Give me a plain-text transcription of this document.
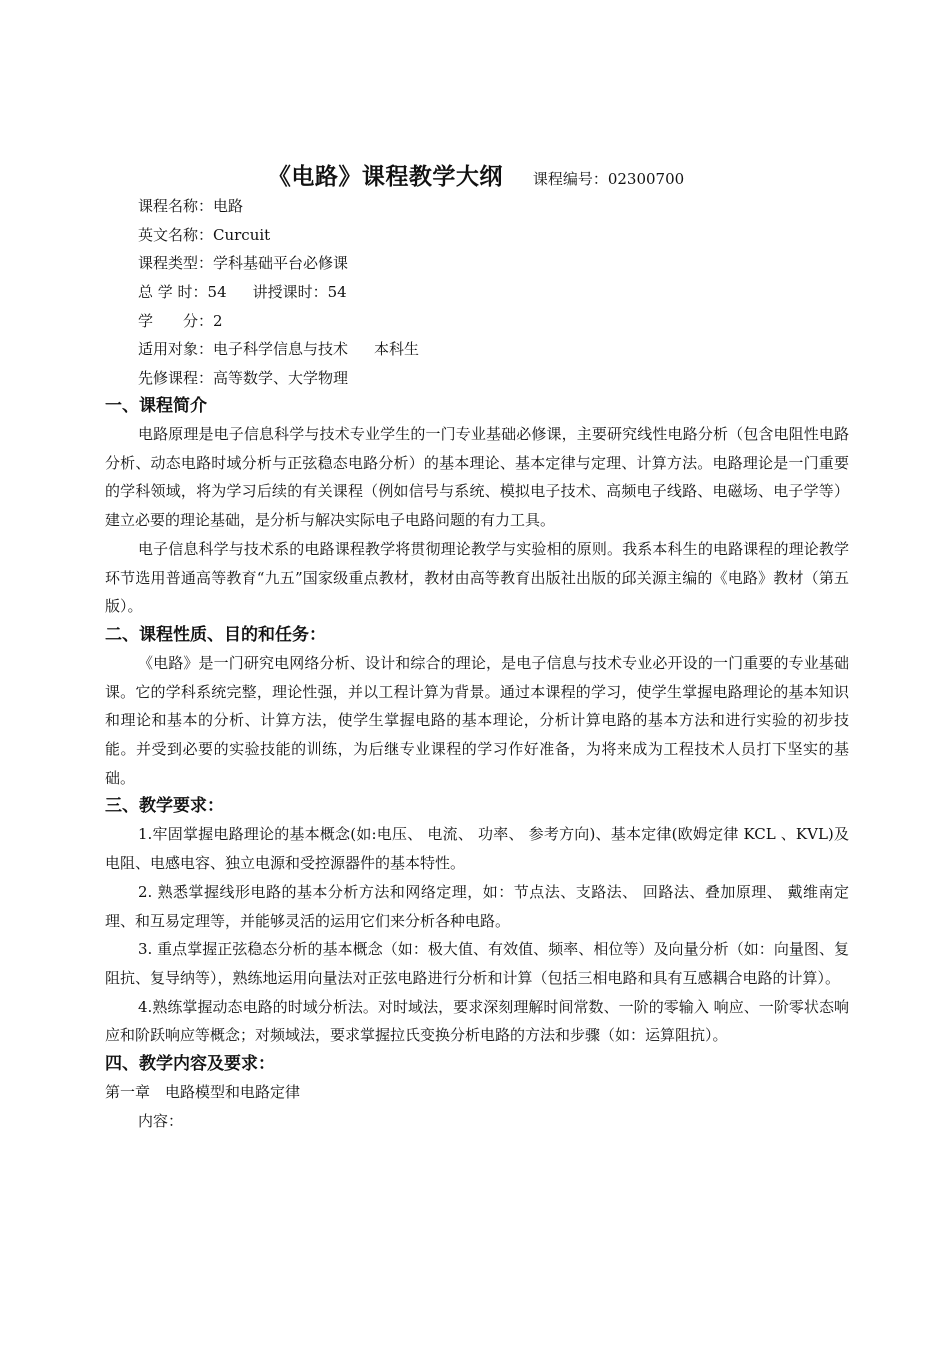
《电路》课程教学大纲 课程编号：02300700
课程名称：电路
英文名称：Curcuit
课程类型：学科基础平台必修课
总 学 时：54 讲授课时：54
学　　分：2
适用对象：电子科学信息与技术 本科生
先修课程：高等数学、大学物理
一、课程简介

电路原理是电子信息科学与技术专业学生的一门专业基础必修课，主要研究线性电路分析（包含电阻性电路分析、动态电路时域分析与正弦稳态电路分析）的基本理论、基本定律与定理、计算方法。电路理论是一门重要的学科领域，将为学习后续的有关课程（例如信号与系统、模拟电子技术、高频电子线路、电磁场、电子学等）建立必要的理论基础，是分析与解决实际电子电路问题的有力工具。

电子信息科学与技术系的电路课程教学将贯彻理论教学与实验相的原则。我系本科生的电路课程的理论教学环节选用普通高等教育“九五”国家级重点教材，教材由高等教育出版社出版的邱关源主编的《电路》教材（第五版）。

二、课程性质、目的和任务：

《电路》是一门研究电网络分析、设计和综合的理论，是电子信息与技术专业必开设的一门重要的专业基础课。它的学科系统完整，理论性强，并以工程计算为背景。通过本课程的学习，使学生掌握电路理论的基本知识和理论和基本的分析、计算方法，使学生掌握电路的基本理论，分析计算电路的基本方法和进行实验的初步技能。并受到必要的实验技能的训练，为后继专业课程的学习作好准备，为将来成为工程技术人员打下坚实的基础。

三、教学要求：

1.牢固掌握电路理论的基本概念(如:电压、 电流、 功率、 参考方向)、基本定律(欧姆定律 KCL 、KVL)及电阻、电感电容、独立电源和受控源器件的基本特性。

2. 熟悉掌握线形电路的基本分析方法和网络定理，如：节点法、支路法、 回路法、叠加原理、 戴维南定理、和互易定理等，并能够灵活的运用它们来分析各种电路。

3. 重点掌握正弦稳态分析的基本概念（如：极大值、有效值、频率、相位等）及向量分析（如：向量图、复阻抗、复导纳等），熟练地运用向量法对正弦电路进行分析和计算（包括三相电路和具有互感耦合电路的计算）。

4.熟练掌握动态电路的时域分析法。对时域法，要求深刻理解时间常数、一阶的零输入 响应、一阶零状态响应和阶跃响应等概念；对频域法，要求掌握拉氏变换分析电路的方法和步骤（如：运算阻抗）。

四、教学内容及要求：
第一章　电路模型和电路定律
内容：
